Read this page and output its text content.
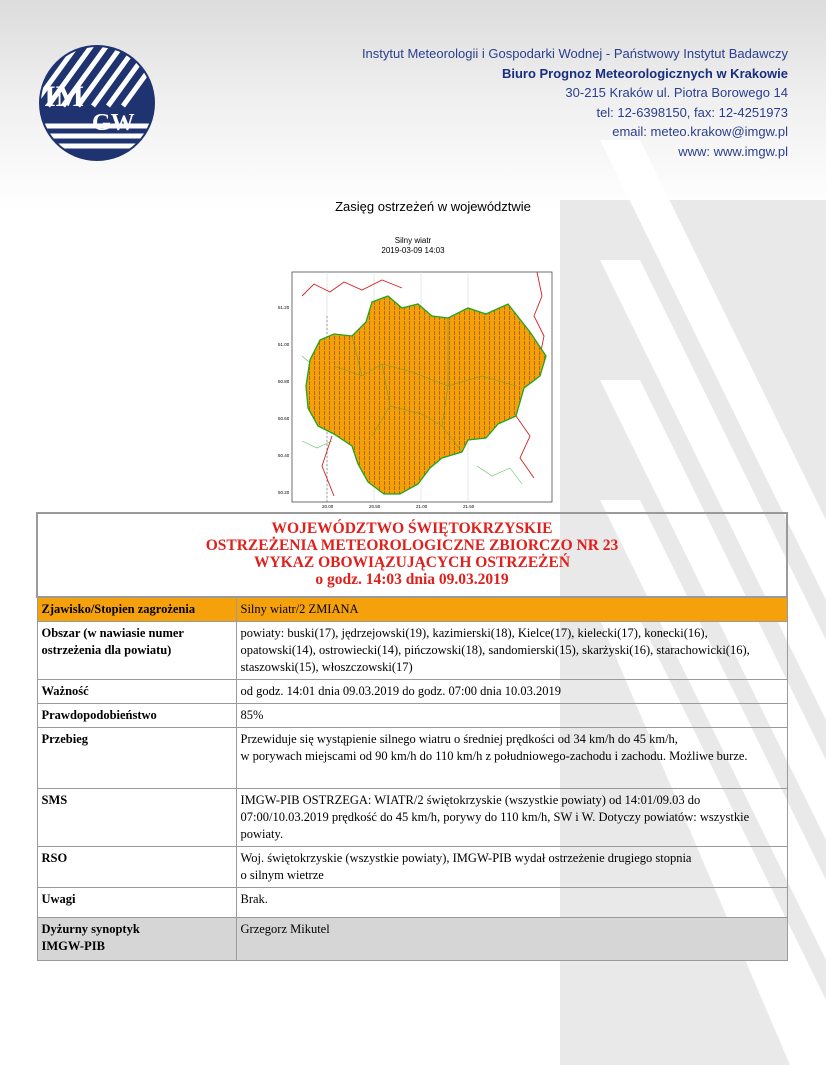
IM
GW
Instytut Meteorologii i Gospodarki Wodnej - Państwowy Instytut Badawczy
Biuro Prognoz Meteorologicznych w Krakowie
30-215 Kraków ul. Piotra Borowego 14
tel: 12-6398150, fax: 12-4251973
email: meteo.krakow@imgw.pl
www: www.imgw.pl
Zasięg ostrzeżeń w województwie
Silny wiatr
2019-03-09 14:03
51.20
51.00
50.80
50.60
50.40
50.20
20.00	20.50	21.00	21.50
WOJEWÓDZTWO ŚWIĘTOKRZYSKIE
OSTRZEŻENIA METEOROLOGICZNE ZBIORCZO NR 23
WYKAZ OBOWIĄZUJĄCYCH OSTRZEŻEŃ
o godz. 14:03 dnia 09.03.2019	

Zjawisko/Stopien zagrożenia	Silny wiatr/2 ZMIANA
Obszar (w nawiasie numer ostrzeżenia dla powiatu)	powiaty: buski(17), jędrzejowski(19), kazimierski(18), Kielce(17), kielecki(17), konecki(16), opatowski(14), ostrowiecki(14), pińczowski(18), sandomierski(15), skarżyski(16), starachowicki(16), staszowski(15), włoszczowski(17)
Ważność	od godz. 14:01 dnia 09.03.2019 do godz. 07:00 dnia 10.03.2019
Prawdopodobieństwo	85%
Przebieg	Przewiduje się wystąpienie silnego wiatru o średniej prędkości od 34 km/h do 45 km/h,
w porywach miejscami od 90 km/h do 110 km/h z południowego-zachodu i zachodu. Możliwe burze.

SMS	IMGW-PIB OSTRZEGA: WIATR/2 świętokrzyskie (wszystkie powiaty) od 14:01/09.03 do 07:00/10.03.2019 prędkość do 45 km/h, porywy do 110 km/h, SW i W. Dotyczy powiatów: wszystkie powiaty.
RSO	Woj. świętokrzyskie (wszystkie powiaty), IMGW-PIB wydał ostrzeżenie drugiego stopnia
o silnym wietrze

Uwagi	Brak.

Dyżurny synoptyk
IMGW-PIB	Grzegorz Mikutel
